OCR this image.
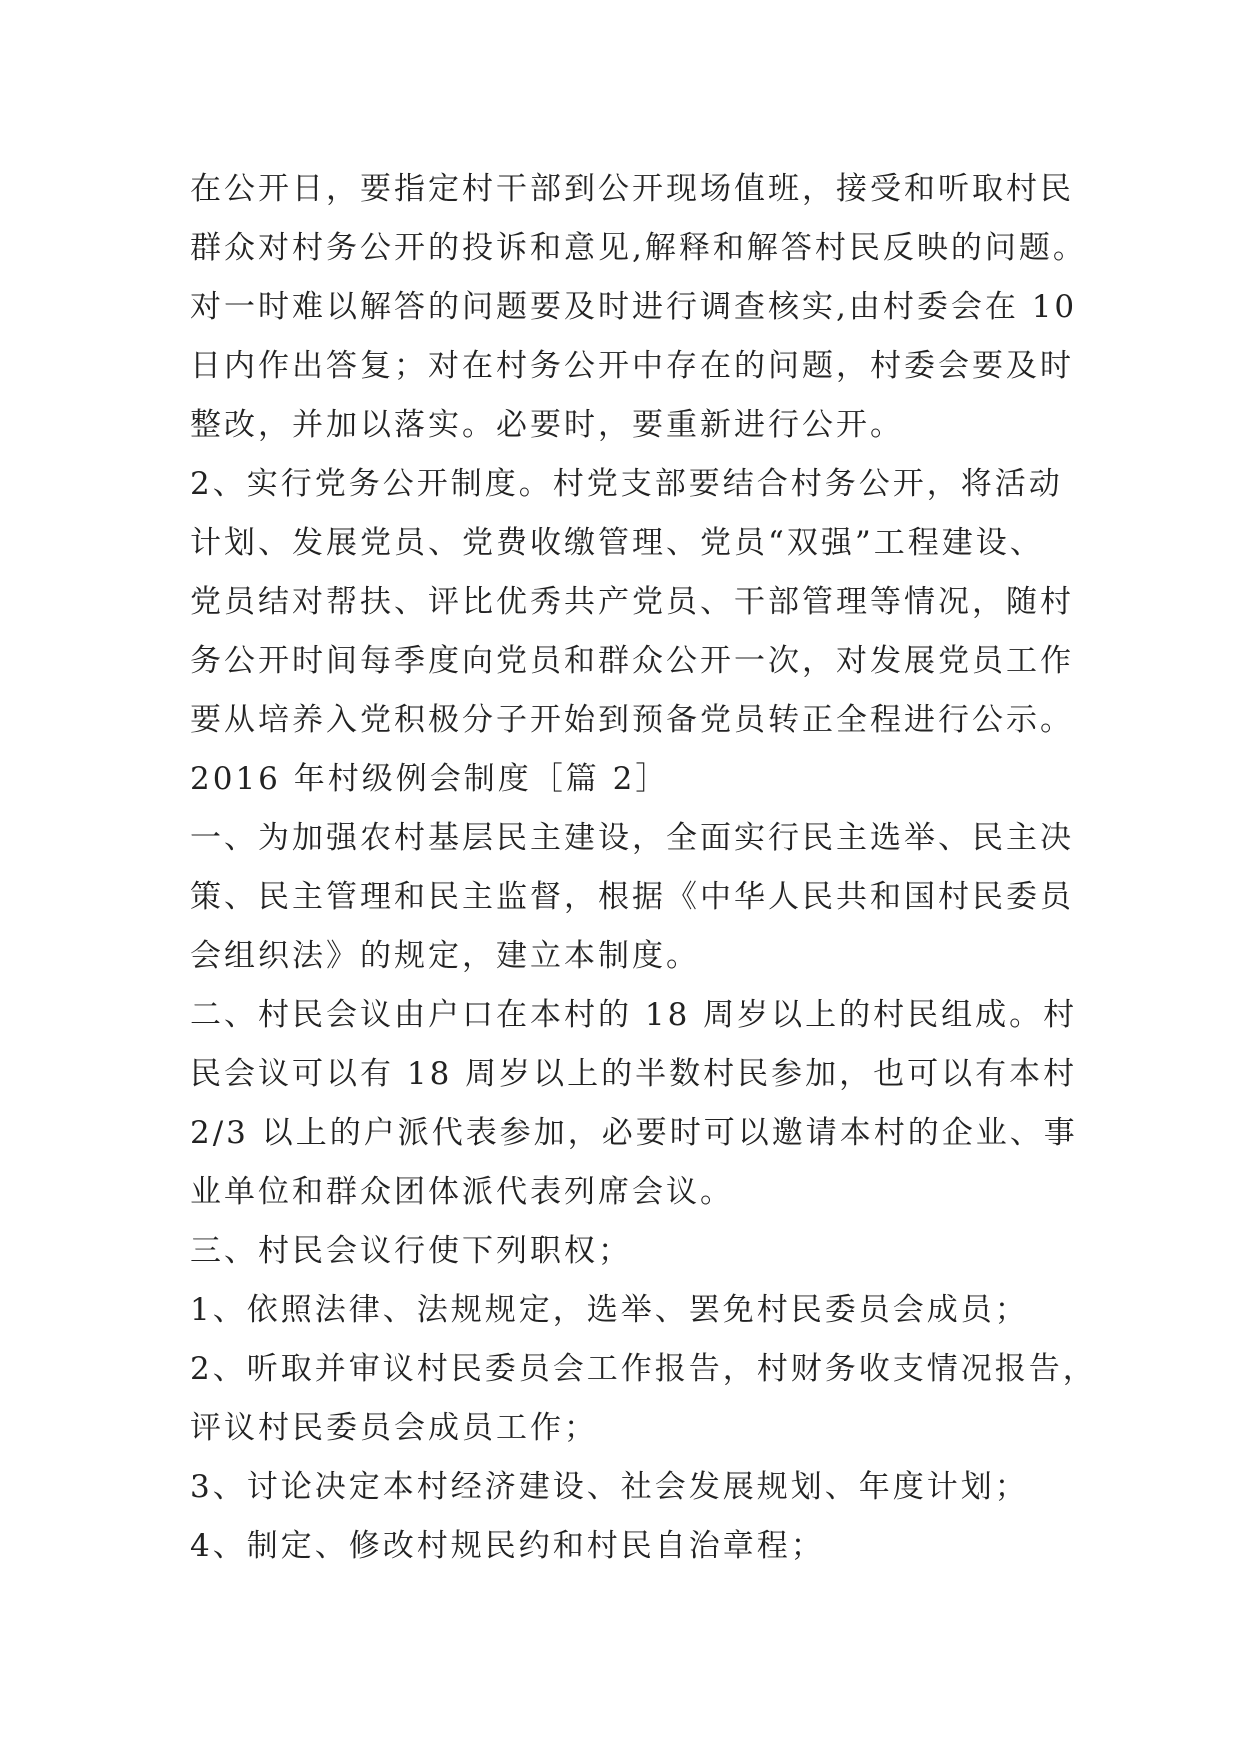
在公开日，要指定村干部到公开现场值班，接受和听取村民
群众对村务公开的投诉和意见,解释和解答村民反映的问题。
对一时难以解答的问题要及时进行调查核实,由村委会在 10
日内作出答复；对在村务公开中存在的问题，村委会要及时
整改，并加以落实。必要时，要重新进行公开。
2、实行党务公开制度。村党支部要结合村务公开，将活动
计划、发展党员、党费收缴管理、党员“双强”工程建设、
党员结对帮扶、评比优秀共产党员、干部管理等情况，随村
务公开时间每季度向党员和群众公开一次，对发展党员工作
要从培养入党积极分子开始到预备党员转正全程进行公示。
2016 年村级例会制度［篇 2］
一、为加强农村基层民主建设，全面实行民主选举、民主决
策、民主管理和民主监督，根据《中华人民共和国村民委员
会组织法》的规定，建立本制度。
二、村民会议由户口在本村的 18 周岁以上的村民组成。村
民会议可以有 18 周岁以上的半数村民参加，也可以有本村
2/3 以上的户派代表参加，必要时可以邀请本村的企业、事
业单位和群众团体派代表列席会议。
三、村民会议行使下列职权；
1、依照法律、法规规定，选举、罢免村民委员会成员；
2、听取并审议村民委员会工作报告，村财务收支情况报告，
评议村民委员会成员工作；
3、讨论决定本村经济建设、社会发展规划、年度计划；
4、制定、修改村规民约和村民自治章程；
